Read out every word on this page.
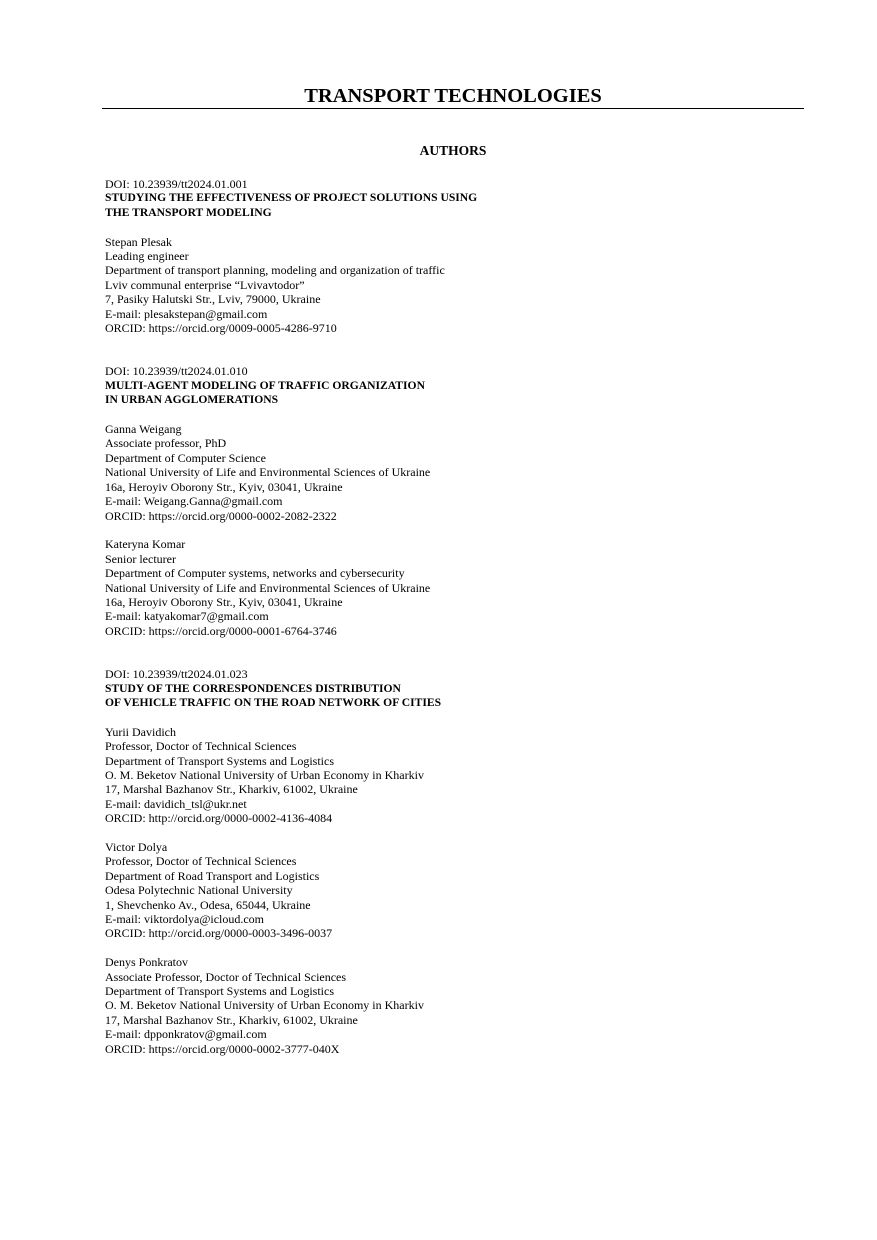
TRANSPORT TECHNOLOGIES
AUTHORS
DOI: 10.23939/tt2024.01.001
STUDYING THE EFFECTIVENESS OF PROJECT SOLUTIONS USING
THE TRANSPORT MODELING
Stepan Plesak
Leading engineer
Department of transport planning, modeling and organization of traffic
Lviv communal enterprise “Lvivavtodor”
7, Pasiky Halutski Str., Lviv, 79000, Ukraine
E-mail: plesakstepan@gmail.com
ORCID: https://orcid.org/0009-0005-4286-9710
DOI: 10.23939/tt2024.01.010
MULTI-AGENT MODELING OF TRAFFIC ORGANIZATION
IN URBAN AGGLOMERATIONS
Ganna Weigang
Associate professor, PhD
Department of Computer Science
National University of Life and Environmental Sciences of Ukraine
16a, Heroyiv Oborony Str., Kyiv, 03041, Ukraine
E-mail: Weigang.Ganna@gmail.com
ORCID: https://orcid.org/0000-0002-2082-2322
Kateryna Komar
Senior lecturer
Department of Computer systems, networks and cybersecurity
National University of Life and Environmental Sciences of Ukraine
16a, Heroyiv Oborony Str., Kyiv, 03041, Ukraine
E-mail: katyakomar7@gmail.com
ORCID: https://orcid.org/0000-0001-6764-3746
DOI: 10.23939/tt2024.01.023
STUDY OF THE CORRESPONDENCES DISTRIBUTION
OF VEHICLE TRAFFIC ON THE ROAD NETWORK OF CITIES
Yurii Davidich
Professor, Doctor of Technical Sciences
Department of Transport Systems and Logistics
O. M. Beketov National University of Urban Economy in Kharkiv
17, Marshal Bazhanov Str., Kharkiv, 61002, Ukraine
E-mail: davidich_tsl@ukr.net
ORCID: http://orcid.org/0000-0002-4136-4084
Victor Dolya
Professor, Doctor of Technical Sciences
Department of Road Transport and Logistics
Odesa Polytechnic National University
1, Shevchenko Av., Odesa, 65044, Ukraine
E-mail: viktordolya@icloud.com
ORCID: http://orcid.org/0000-0003-3496-0037
Denys Ponkratov
Associate Professor, Doctor of Technical Sciences
Department of Transport Systems and Logistics
O. M. Beketov National University of Urban Economy in Kharkiv
17, Marshal Bazhanov Str., Kharkiv, 61002, Ukraine
E-mail: dpponkratov@gmail.com
ORCID: https://orcid.org/0000-0002-3777-040X
